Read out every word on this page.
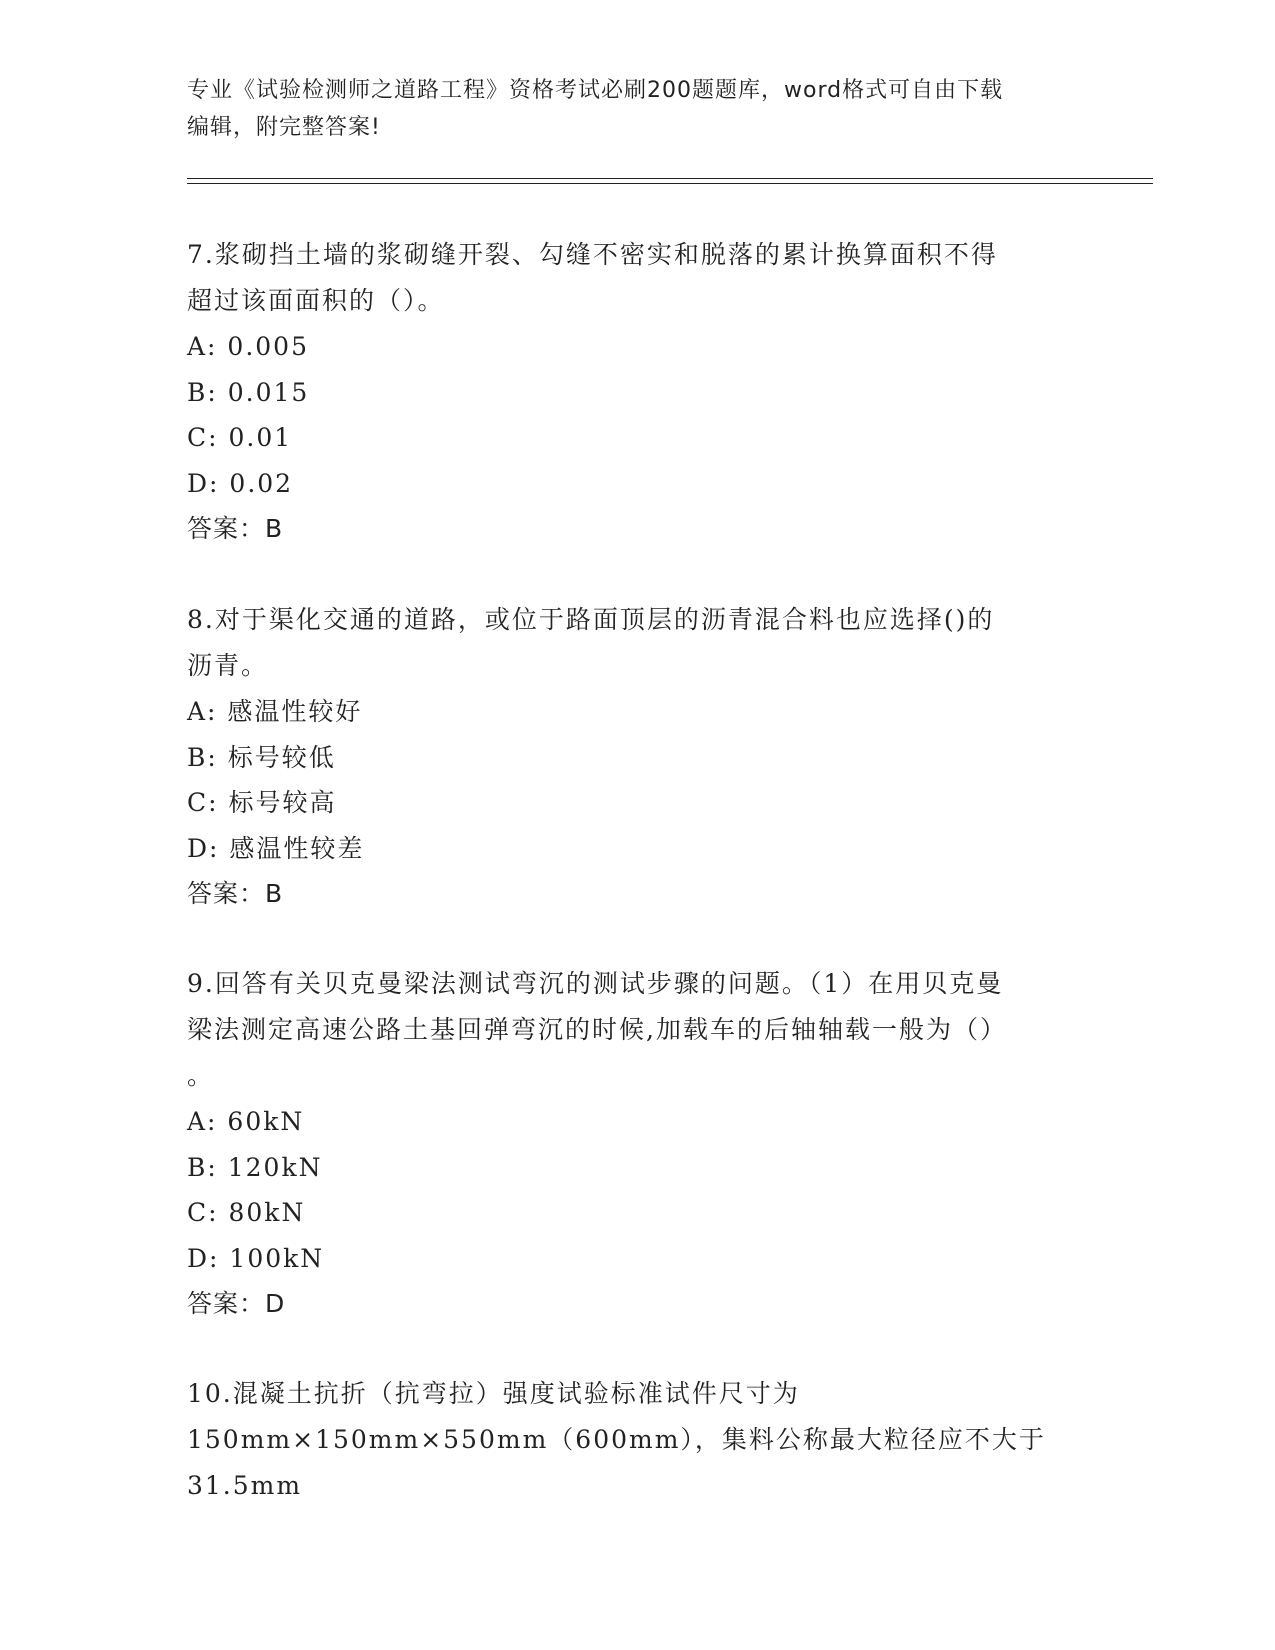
专业《试验检测师之道路工程》资格考试必刷200题题库，word格式可自由下载
编辑，附完整答案!
7.浆砌挡土墙的浆砌缝开裂、勾缝不密实和脱落的累计换算面积不得
超过该面面积的（）。
A: 0.005
B: 0.015
C: 0.01
D: 0.02
答案：B
8.对于渠化交通的道路，或位于路面顶层的沥青混合料也应选择()的
沥青。
A: 感温性较好
B: 标号较低
C: 标号较高
D: 感温性较差
答案：B
9.回答有关贝克曼梁法测试弯沉的测试步骤的问题。（1）在用贝克曼
梁法测定高速公路土基回弹弯沉的时候,加载车的后轴轴载一般为（）
。
A: 60kN
B: 120kN
C: 80kN
D: 100kN
答案：D
10.混凝土抗折（抗弯拉）强度试验标准试件尺寸为
150mm×150mm×550mm（600mm），集料公称最大粒径应不大于31.5mm
